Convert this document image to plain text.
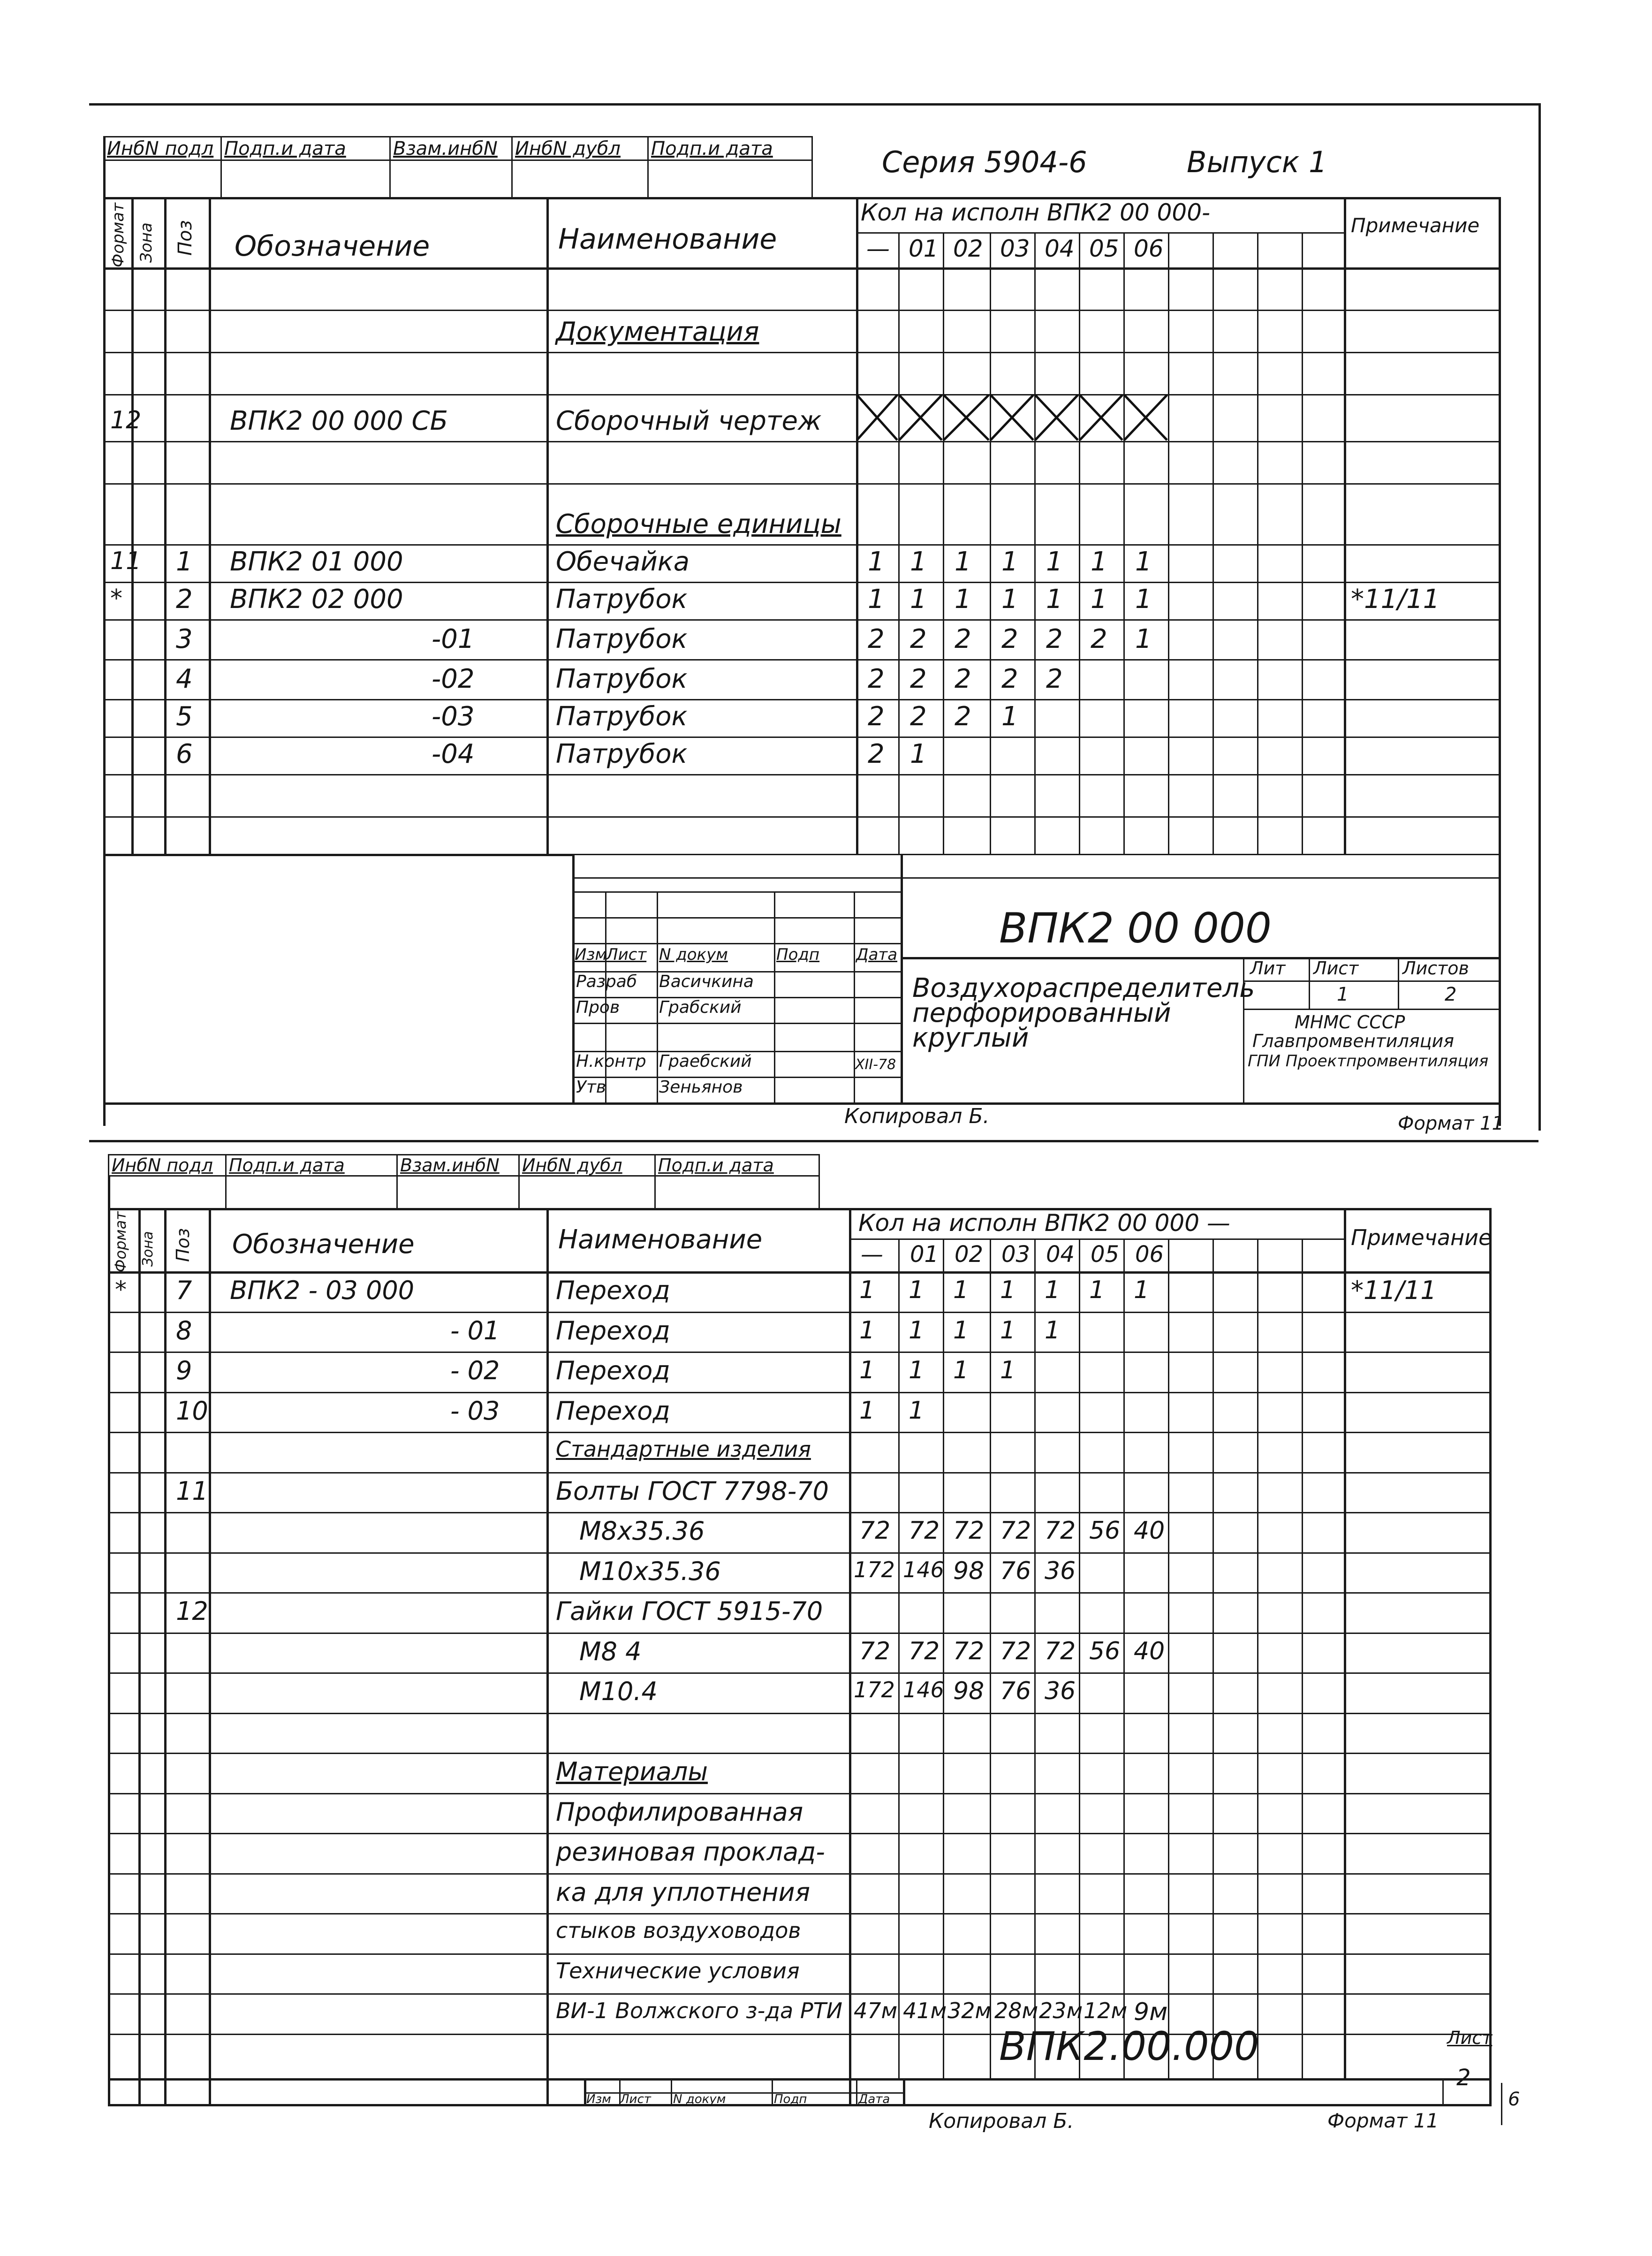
ИнбN подл Подп.и дата	Взам.инбN ИнбN дубл Подп.и дата	Серия 5904-6	Выпуск 1
Формат Зона Поз Обозначение	Наименование
Кол на исполн ВПК2 00 000-	Примечание
— 01 02 03 04 05 06
Документация
12	ВПК2 00 000 СБ	Сборочный чертеж
Сборочные единицы
11 1 ВПК2 01 000	Обечайка	1 1 1 1 1 1 1
* 2 ВПК2 02 000	Патрубок	1 1 1 1 1 1 1	*11/11
3	-01	Патрубок	2 2 2 2 2 2 1
4	-02	Патрубок	2 2 2 2 2
5	-03	Патрубок	2 2 2 1
6	-04	Патрубок	2 1
ВПК2 00 000
Изм
Лист N докум	Подп Дата
Разраб Васичкина
Пров Грабский
Н.контр Граебский
Утв	Зеньянов
XII-78
Воздухораспределитель перфорированный круглый
Лит Лист Листов
1	2
МНМС СССР
Главпромвентиляция
ГПИ Проектпромвентиляция
Копировал Б.	Формат 11
ИнбN подл Подп.и дата	Взам.инбN ИнбN дубл Подп.и дата
Формат Зона Поз Обозначение	Наименование
Кол на исполн ВПК2 00 000 —
Примечание
— 01 02 03 04 05 06
* 7 ВПК2 - 03 000	Переход	1 1 1 1 1 1 1	*11/11
8	- 01 Переход	1 1 1 1 1
9	- 02 Переход	1 1 1 1
10	- 03 Переход	1 1
Стандартные изделия
11	Болты ГОСТ 7798-70
М8х35.36	72 72 72 72 72 56 40
М10х35.36	172 146 98 76 36
12	Гайки ГОСТ 5915-70
М8 4	72 72 72 72 72 56 40
М10.4	172 146 98 76 36
Материалы
Профилированная
резиновая проклад-
ка для уплотнения
стыков воздуховодов
Технические условия
ВИ-1 Волжского з-да РТИ 47м 41м 32м 28м 23м 12м 9м
Изм Лист N докум	Подп	Дата
ВПК2.00.000	Лист
2
Копировал Б.	Формат 11
6
